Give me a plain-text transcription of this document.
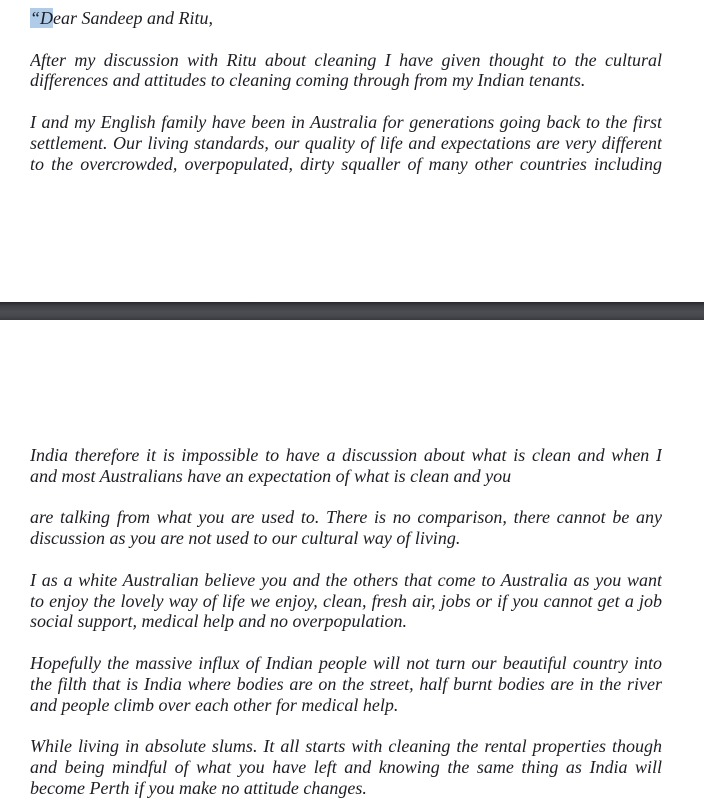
“Dear Sandeep and Ritu,
After my discussion with Ritu about cleaning I have given thought to the cultural
differences and attitudes to cleaning coming through from my Indian tenants.
I and my English family have been in Australia for generations going back to the first
settlement. Our living standards, our quality of life and expectations are very different
to the overcrowded, overpopulated, dirty squaller of many other countries including
India therefore it is impossible to have a discussion about what is clean and when I
and most Australians have an expectation of what is clean and you
are talking from what you are used to. There is no comparison, there cannot be any
discussion as you are not used to our cultural way of living.
I as a white Australian believe you and the others that come to Australia as you want
to enjoy the lovely way of life we enjoy, clean, fresh air, jobs or if you cannot get a job
social support, medical help and no overpopulation.
Hopefully the massive influx of Indian people will not turn our beautiful country into
the filth that is India where bodies are on the street, half burnt bodies are in the river
and people climb over each other for medical help.
While living in absolute slums. It all starts with cleaning the rental properties though
and being mindful of what you have left and knowing the same thing as India will
become Perth if you make no attitude changes.
